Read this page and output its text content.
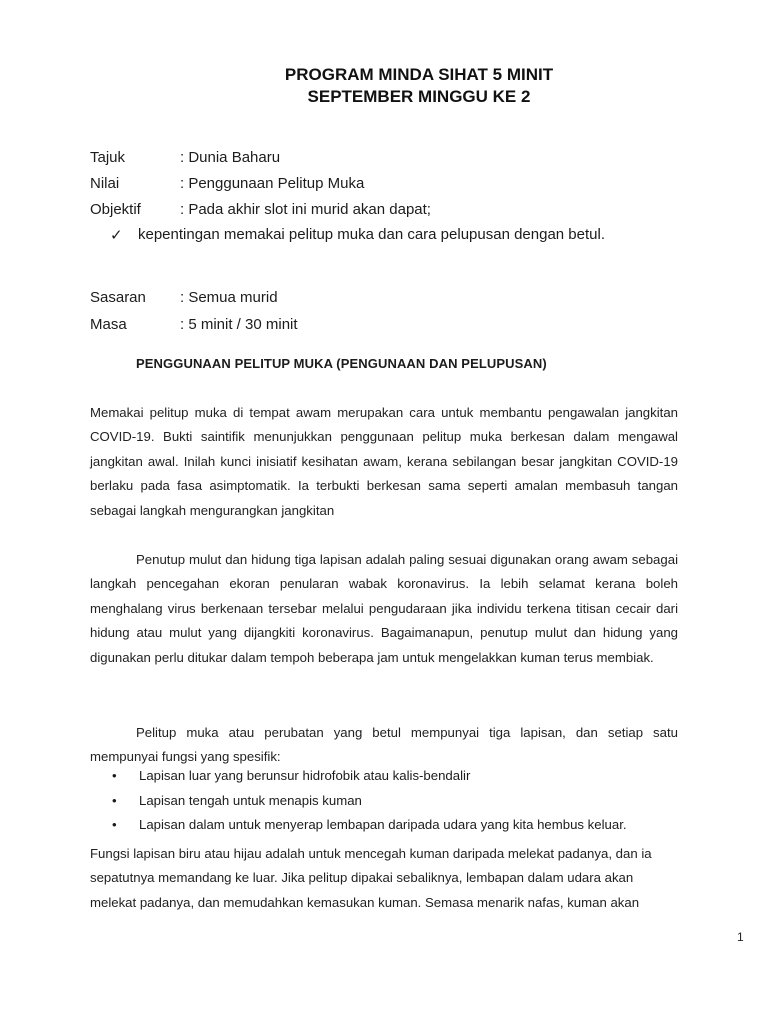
PROGRAM MINDA SIHAT 5 MINIT
SEPTEMBER MINGGU KE 2
Tajuk	: Dunia Baharu
Nilai	: Penggunaan Pelitup Muka
Objektif	: Pada akhir slot ini murid akan dapat;
✓ kepentingan memakai pelitup muka dan cara pelupusan dengan betul.
Sasaran : Semua murid
Masa	: 5 minit / 30 minit
PENGGUNAAN PELITUP MUKA (PENGUNAAN DAN PELUPUSAN)
Memakai pelitup muka di tempat awam merupakan cara untuk membantu pengawalan jangkitan COVID-19. Bukti saintifik menunjukkan penggunaan pelitup muka berkesan dalam mengawal jangkitan awal. Inilah kunci inisiatif kesihatan awam, kerana sebilangan besar jangkitan COVID-19 berlaku pada fasa asimptomatik. Ia terbukti berkesan sama seperti amalan membasuh tangan sebagai langkah mengurangkan jangkitan
Penutup mulut dan hidung tiga lapisan adalah paling sesuai digunakan orang awam sebagai langkah pencegahan ekoran penularan wabak koronavirus. Ia lebih selamat kerana boleh menghalang virus berkenaan tersebar melalui pengudaraan jika individu terkena titisan cecair dari hidung atau mulut yang dijangkiti koronavirus. Bagaimanapun, penutup mulut dan hidung yang digunakan perlu ditukar dalam tempoh beberapa jam untuk mengelakkan kuman terus membiak.
Pelitup muka atau perubatan yang betul mempunyai tiga lapisan, dan setiap satu mempunyai fungsi yang spesifik:
• Lapisan luar yang berunsur hidrofobik atau kalis-bendalir
• Lapisan tengah untuk menapis kuman
• Lapisan dalam untuk menyerap lembapan daripada udara yang kita hembus keluar.
Fungsi lapisan biru atau hijau adalah untuk mencegah kuman daripada melekat padanya, dan ia sepatutnya memandang ke luar. Jika pelitup dipakai sebaliknya, lembapan dalam udara akan melekat padanya, dan memudahkan kemasukan kuman. Semasa menarik nafas, kuman akan
1
